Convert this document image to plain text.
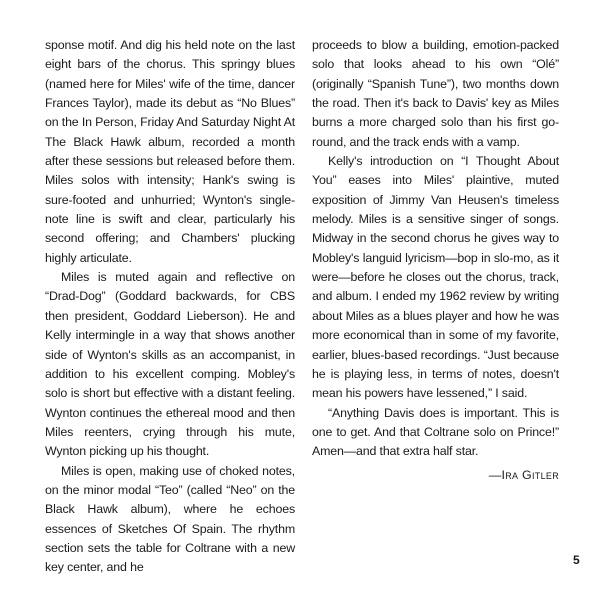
sponse motif. And dig his held note on the last eight bars of the chorus. This springy blues (named here for Miles' wife of the time, dancer Frances Taylor), made its debut as “No Blues” on the In Person, Friday And Saturday Night At The Black Hawk album, recorded a month after these sessions but released before them. Miles solos with intensity; Hank's swing is sure-footed and unhurried; Wynton's single-note line is swift and clear, particularly his second offering; and Chambers' plucking highly articulate.

Miles is muted again and reflective on “Drad-Dog” (Goddard backwards, for CBS then president, Goddard Lieberson). He and Kelly intermingle in a way that shows another side of Wynton's skills as an accompanist, in addition to his excellent comping. Mobley's solo is short but effective with a distant feeling. Wynton continues the ethereal mood and then Miles reenters, crying through his mute, Wynton picking up his thought.

Miles is open, making use of choked notes, on the minor modal “Teo” (called “Neo” on the Black Hawk album), where he echoes essences of Sketches Of Spain. The rhythm section sets the table for Coltrane with a new key center, and he

proceeds to blow a building, emotion-packed solo that looks ahead to his own “Olé” (originally “Spanish Tune”), two months down the road. Then it's back to Davis' key as Miles burns a more charged solo than his first go-round, and the track ends with a vamp.

Kelly's introduction on “I Thought About You” eases into Miles' plaintive, muted exposition of Jimmy Van Heusen's timeless melody. Miles is a sensitive singer of songs. Midway in the second chorus he gives way to Mobley's languid lyricism—bop in slo-mo, as it were—before he closes out the chorus, track, and album. I ended my 1962 review by writing about Miles as a blues player and how he was more economical than in some of my favorite, earlier, blues-based recordings. “Just because he is playing less, in terms of notes, doesn't mean his powers have lessened,” I said.

“Anything Davis does is important. This is one to get. And that Coltrane solo on Prince!” Amen—and that extra half star.

—Ira Gitler

5
